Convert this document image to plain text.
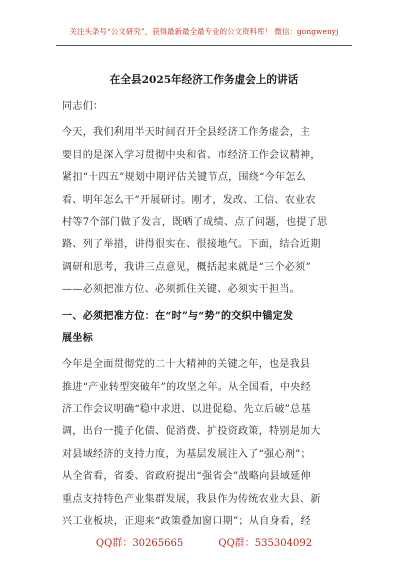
关注头条号“公文研究”，获得最新最全最专业的公文资料库！ 微信：gongwenyj
在全县2025年经济工作务虚会上的讲话
同志们：
今天，我们利用半天时间召开全县经济工作务虚会，主
要目的是深入学习贯彻中央和省、市经济工作会议精神，
紧扣“十四五”规划中期评估关键节点，围绕“今年怎么
看、明年怎么干”开展研讨。刚才，发改、工信、农业农
村等7个部门做了发言，既晒了成绩、点了问题，也提了思
路、列了举措，讲得很实在、很接地气。下面，结合近期
调研和思考，我讲三点意见，概括起来就是“三个必须”
——必须把准方位、必须抓住关键、必须实干担当。
一、必须把准方位：在“时”与“势”的交织中锚定发
展坐标
今年是全面贯彻党的二十大精神的关键之年，也是我县
推进“产业转型突破年”的攻坚之年。从全国看，中央经
济工作会议明确“稳中求进、以进促稳、先立后破”总基
调，出台一揽子化债、促消费、扩投资政策，特别是加大
对县域经济的支持力度，为基层发展注入了“强心剂”；
从全省看，省委、省政府提出“强省会”战略向县域延伸
重点支持特色产业集群发展，我县作为传统农业大县、新
兴工业板块，正迎来“政策叠加窗口期”；从自身看，经
QQ群：30265665	QQ群：535304092
